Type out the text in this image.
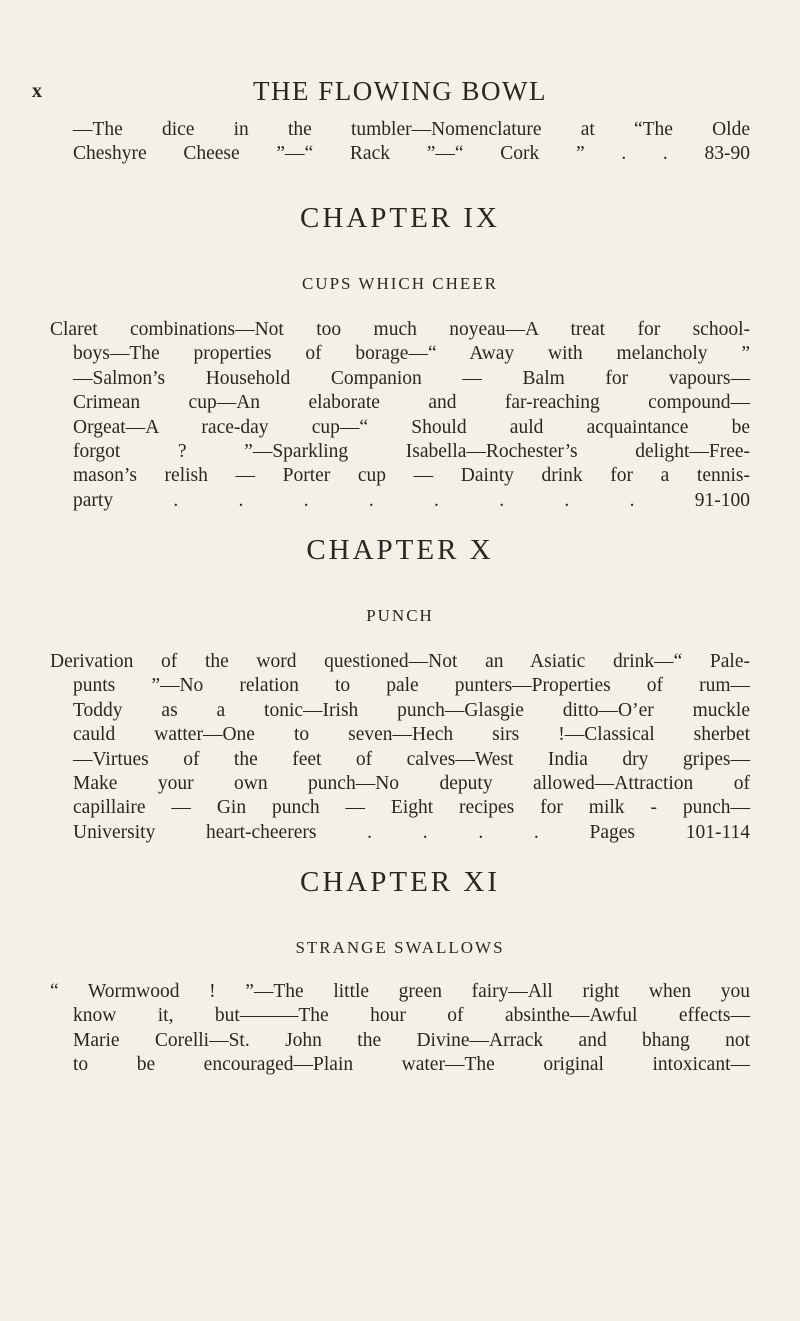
x	THE FLOWING BOWL
—The dice in the tumbler—Nomenclature at “The Olde
Cheshyre Cheese ”—“ Rack ”—“ Cork ” . . 83-90
CHAPTER IX
CUPS WHICH CHEER
Claret combinations—Not too much noyeau—A treat for school-
boys—The properties of borage—“ Away with melancholy ”
—Salmon’s Household Companion — Balm for vapours—
Crimean cup—An elaborate and far-reaching compound—
Orgeat—A race-day cup—“ Should auld acquaintance be
forgot ? ”—Sparkling Isabella—Rochester’s delight—Free-
mason’s relish — Porter cup — Dainty drink for a tennis-
party . . . . . . . . 91-100
CHAPTER X
PUNCH
Derivation of the word questioned—Not an Asiatic drink—“ Pale-
punts ”—No relation to pale punters—Properties of rum—
Toddy as a tonic—Irish punch—Glasgie ditto—O’er muckle
cauld watter—One to seven—Hech sirs !—Classical sherbet
—Virtues of the feet of calves—West India dry gripes—
Make your own punch—No deputy allowed—Attraction of
capillaire — Gin punch — Eight recipes for milk - punch—
University heart-cheerers . . . . Pages 101-114
CHAPTER XI
STRANGE SWALLOWS
“ Wormwood ! ”—The little green fairy—All right when you
know it, but———The hour of absinthe—Awful effects—
Marie Corelli—St. John the Divine—Arrack and bhang not
to be encouraged—Plain water—The original intoxicant—
